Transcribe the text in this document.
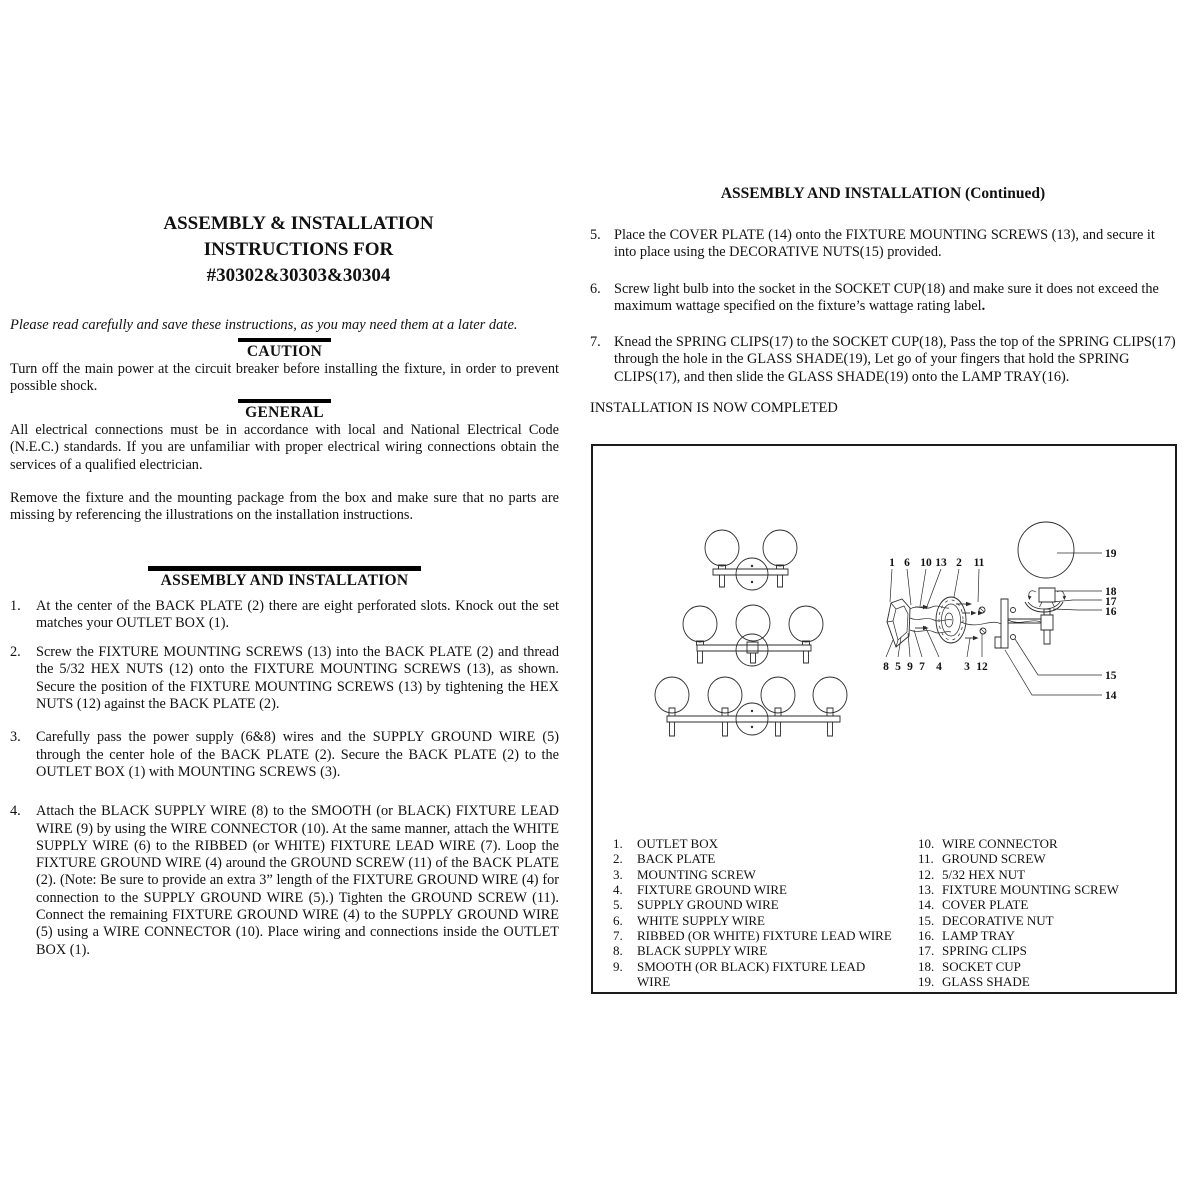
ASSEMBLY & INSTALLATION
INSTRUCTIONS FOR
#30302&30303&30304
Please read carefully and save these instructions, as you may need them at a later date.
CAUTION
Turn off the main power at the circuit breaker before installing the fixture, in order to prevent possible shock.
GENERAL
All electrical connections must be in accordance with local and National Electrical Code (N.E.C.) standards. If you are unfamiliar with proper electrical wiring connections obtain the services of a qualified electrician.
Remove the fixture and the mounting package from the box and make sure that no parts are missing by referencing the illustrations on the installation instructions.
ASSEMBLY AND INSTALLATION
1.	At the center of the BACK PLATE (2) there are eight perforated slots. Knock out the set matches your OUTLET BOX (1).
2.	Screw the FIXTURE MOUNTING SCREWS (13) into the BACK PLATE (2) and thread the 5/32 HEX NUTS (12) onto the FIXTURE MOUNTING SCREWS (13), as shown. Secure the position of the FIXTURE MOUNTING SCREWS (13) by tightening the HEX NUTS (12) against the BACK PLATE (2).
3.	Carefully pass the power supply (6&8) wires and the SUPPLY GROUND WIRE (5) through the center hole of the BACK PLATE (2). Secure the BACK PLATE (2) to the OUTLET BOX (1) with MOUNTING SCREWS (3).
4.	Attach the BLACK SUPPLY WIRE (8) to the SMOOTH (or BLACK) FIXTURE LEAD WIRE (9) by using the WIRE CONNECTOR (10). At the same manner, attach the WHITE SUPPLY WIRE (6) to the RIBBED (or WHITE) FIXTURE LEAD WIRE (7). Loop the FIXTURE GROUND WIRE (4) around the GROUND SCREW (11) of the BACK PLATE (2). (Note: Be sure to provide an extra 3” length of the FIXTURE GROUND WIRE (4) for connection to the SUPPLY GROUND WIRE (5).) Tighten the GROUND SCREW (11). Connect the remaining FIXTURE GROUND WIRE (4) to the SUPPLY GROUND WIRE (5) using a WIRE CONNECTOR (10). Place wiring and connections inside the OUTLET BOX (1).
ASSEMBLY AND INSTALLATION (Continued)
5. Place the COVER PLATE (14) onto the FIXTURE MOUNTING SCREWS (13), and secure it into place using the DECORATIVE NUTS(15) provided.
6. Screw light bulb into the socket in the SOCKET CUP(18) and make sure it does not exceed the maximum wattage specified on the fixture’s wattage rating label.
7. Knead the SPRING CLIPS(17) to the SOCKET CUP(18), Pass the top of the SPRING CLIPS(17) through the hole in the GLASS SHADE(19), Let go of your fingers that hold the SPRING CLIPS(17), and then slide the GLASS SHADE(19) onto the LAMP TRAY(16).
INSTALLATION IS NOW COMPLETED
1 6 10 13 2 11
8 5 9 7 4 3 12
19
18
17
16
15
14
1.	OUTLET BOX
2.	BACK PLATE
3.	MOUNTING SCREW
4.	FIXTURE GROUND WIRE
5.	SUPPLY GROUND WIRE
6.	WHITE SUPPLY WIRE
7.	RIBBED (OR WHITE) FIXTURE LEAD WIRE
8.	BLACK SUPPLY WIRE
9.	SMOOTH (OR BLACK) FIXTURE LEAD
WIRE
10. WIRE CONNECTOR
11. GROUND SCREW
12. 5/32 HEX NUT
13. FIXTURE MOUNTING SCREW
14. COVER PLATE
15. DECORATIVE NUT
16. LAMP TRAY
17. SPRING CLIPS
18. SOCKET CUP
19. GLASS SHADE
